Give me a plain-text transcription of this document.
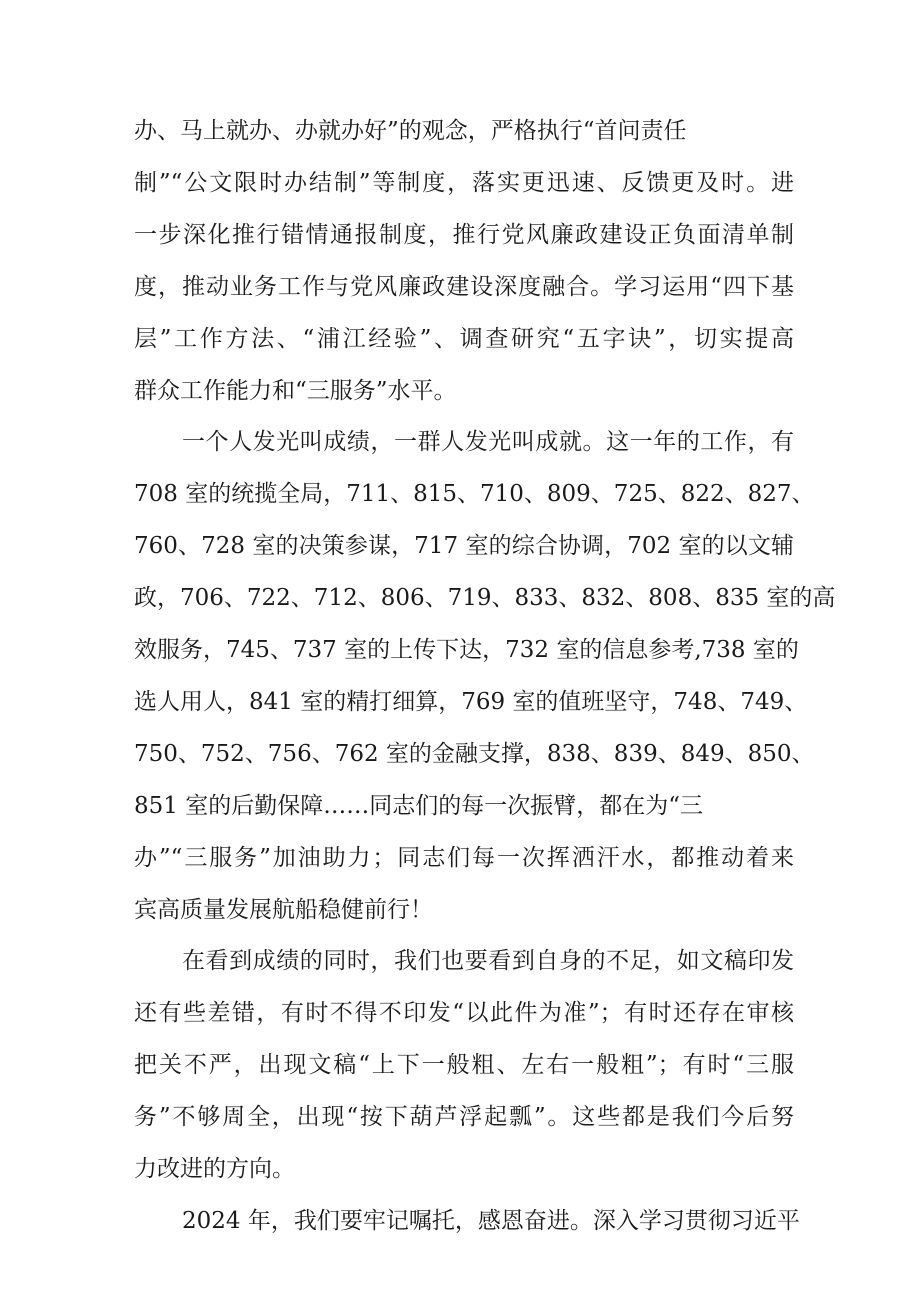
办、马上就办、办就办好”的观念，严格执行“首问责任
制”“公文限时办结制”等制度，落实更迅速、反馈更及时。进
一步深化推行错情通报制度，推行党风廉政建设正负面清单制
度，推动业务工作与党风廉政建设深度融合。学习运用“四下基
层”工作方法、“浦江经验”、调查研究“五字诀”，切实提高
群众工作能力和“三服务”水平。
一个人发光叫成绩，一群人发光叫成就。这一年的工作，有
708 室的统揽全局，711、815、710、809、725、822、827、
760、728 室的决策参谋，717 室的综合协调，702 室的以文辅
政，706、722、712、806、719、833、832、808、835 室的高
效服务，745、737 室的上传下达，732 室的信息参考,738 室的
选人用人，841 室的精打细算，769 室的值班坚守，748、749、
750、752、756、762 室的金融支撑，838、839、849、850、
851 室的后勤保障……同志们的每一次振臂，都在为“三
办”“三服务”加油助力；同志们每一次挥洒汗水，都推动着来
宾高质量发展航船稳健前行！
在看到成绩的同时，我们也要看到自身的不足，如文稿印发
还有些差错，有时不得不印发“以此件为准”；有时还存在审核
把关不严，出现文稿“上下一般粗、左右一般粗”；有时“三服
务”不够周全，出现“按下葫芦浮起瓢”。这些都是我们今后努
力改进的方向。
2024 年，我们要牢记嘱托，感恩奋进。深入学习贯彻习近平
